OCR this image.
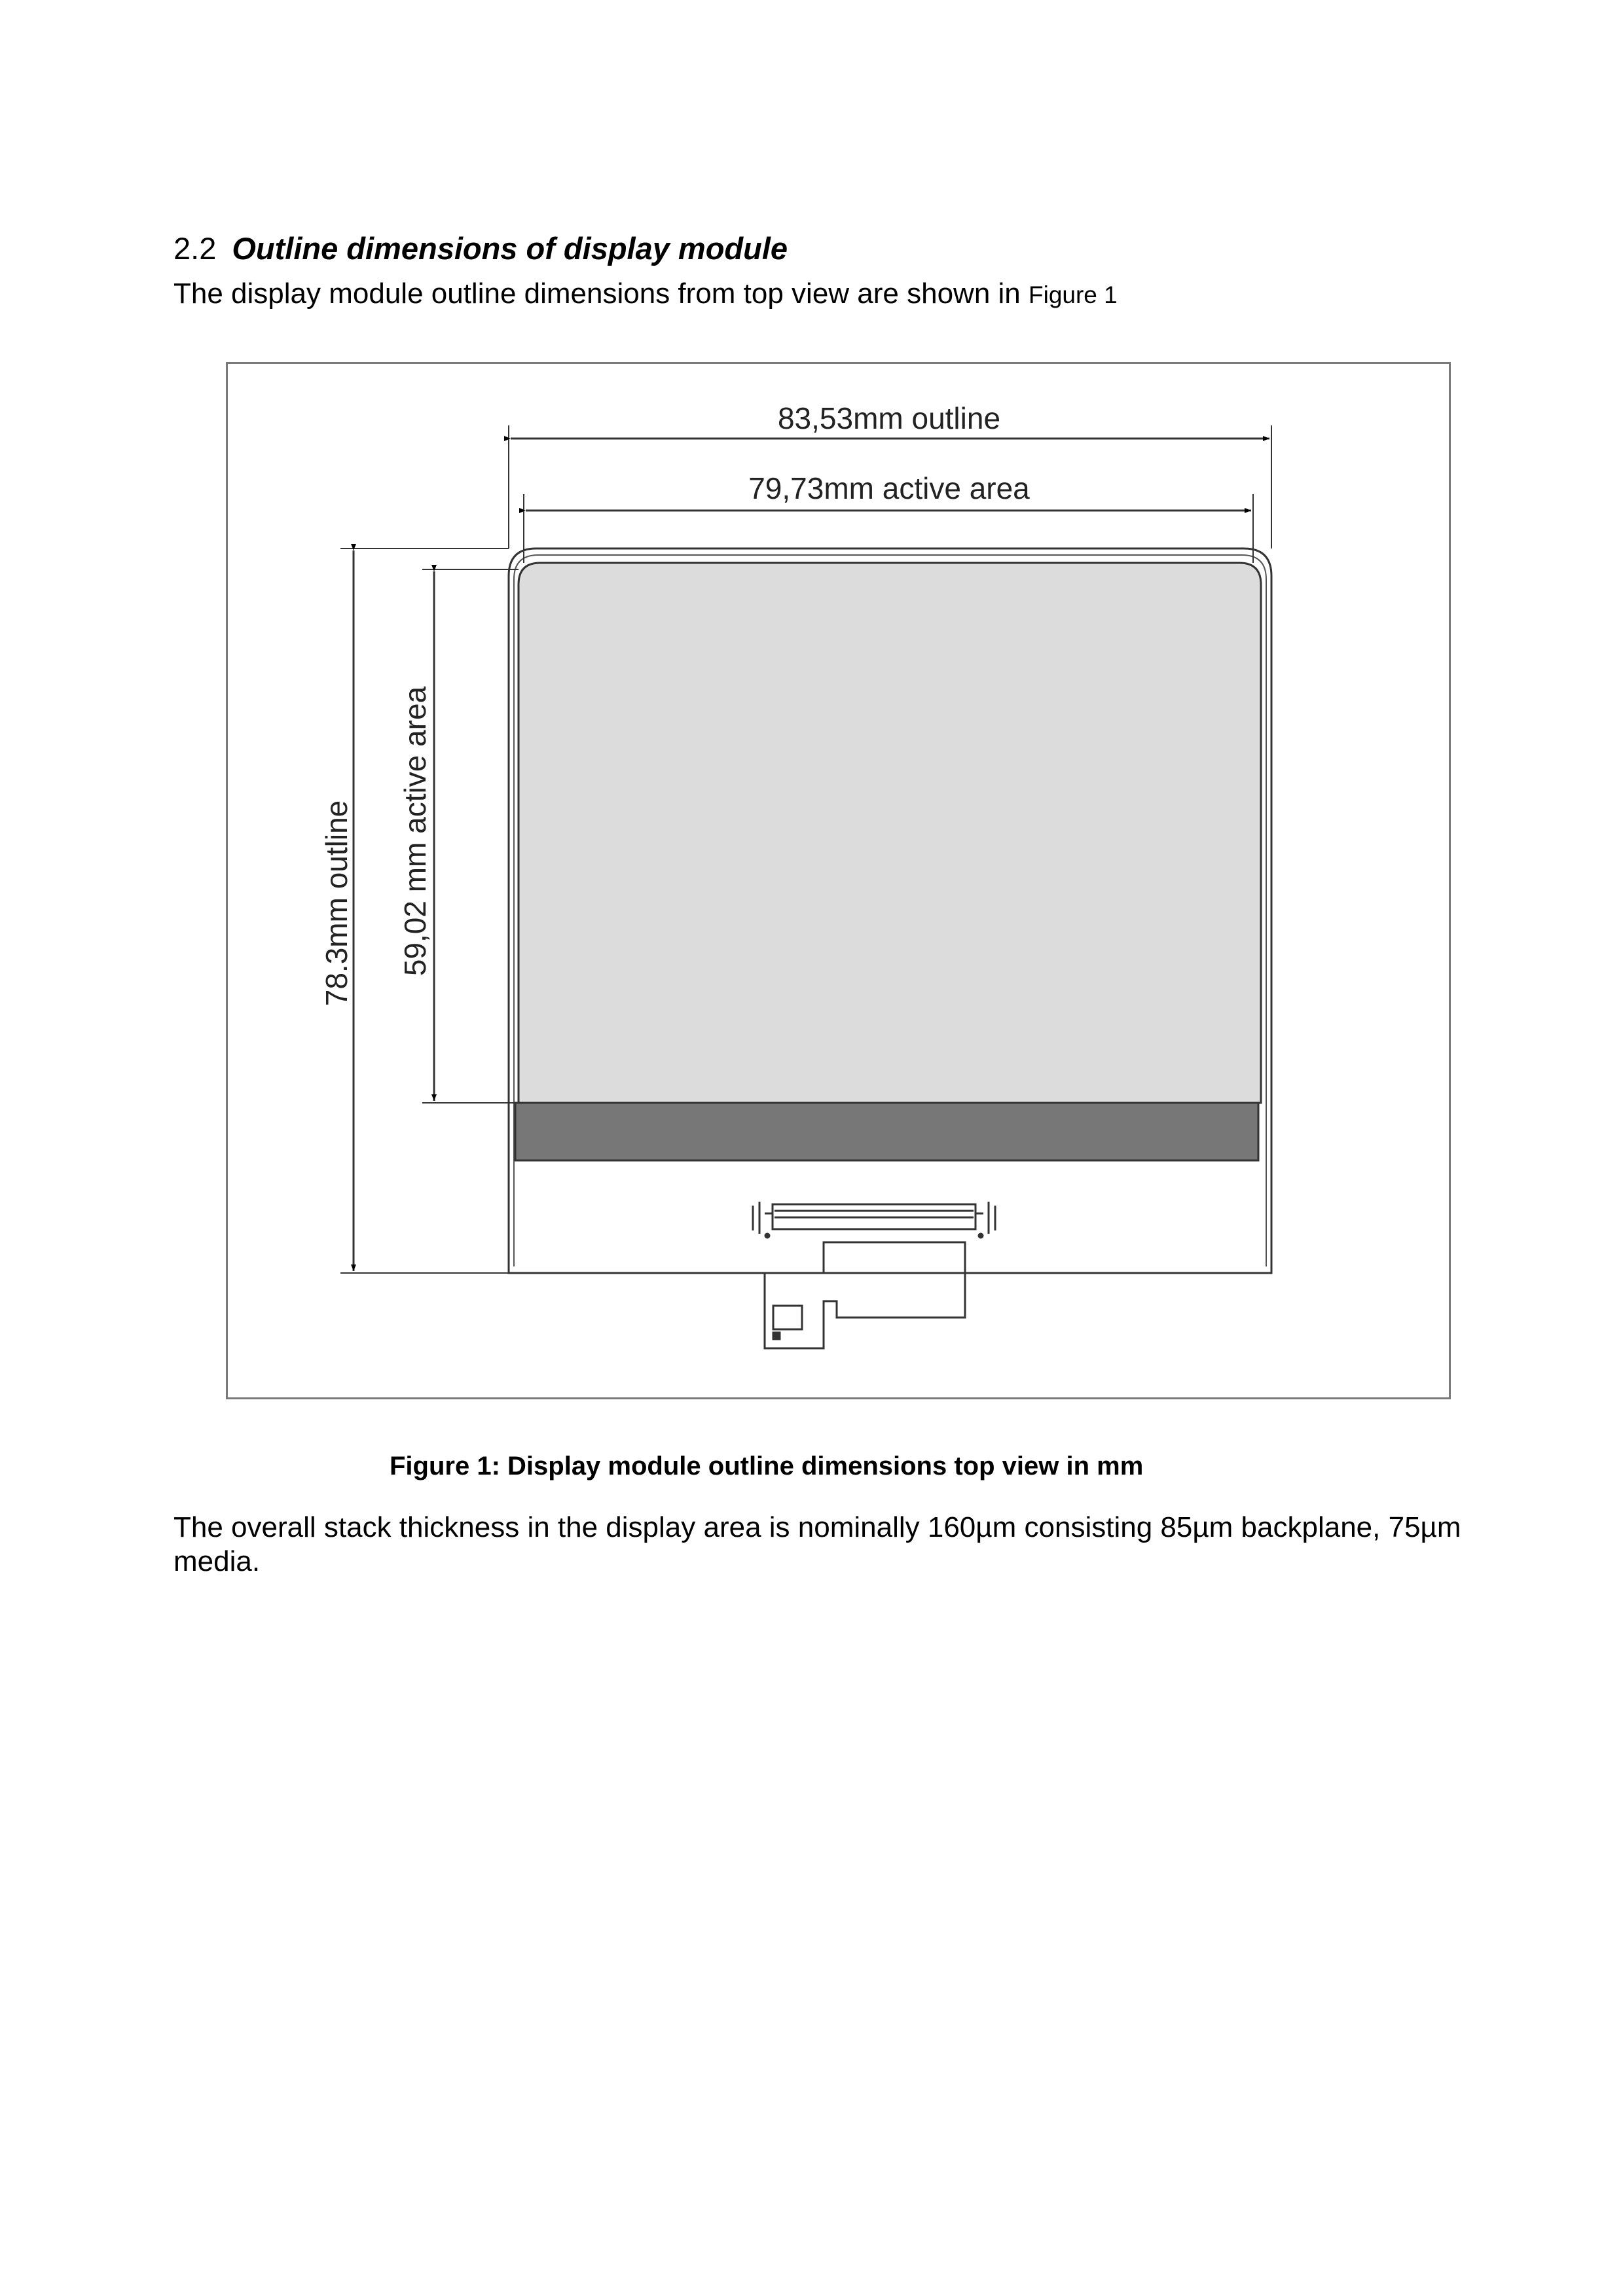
2.2 Outline dimensions of display module
The display module outline dimensions from top view are shown in Figure 1
83,53mm outline
79,73mm active area
78.3mm outline 59,02 mm active area
Figure 1: Display module outline dimensions top view in mm
The overall stack thickness in the display area is nominally 160µm consisting 85µm backplane, 75µm media.
